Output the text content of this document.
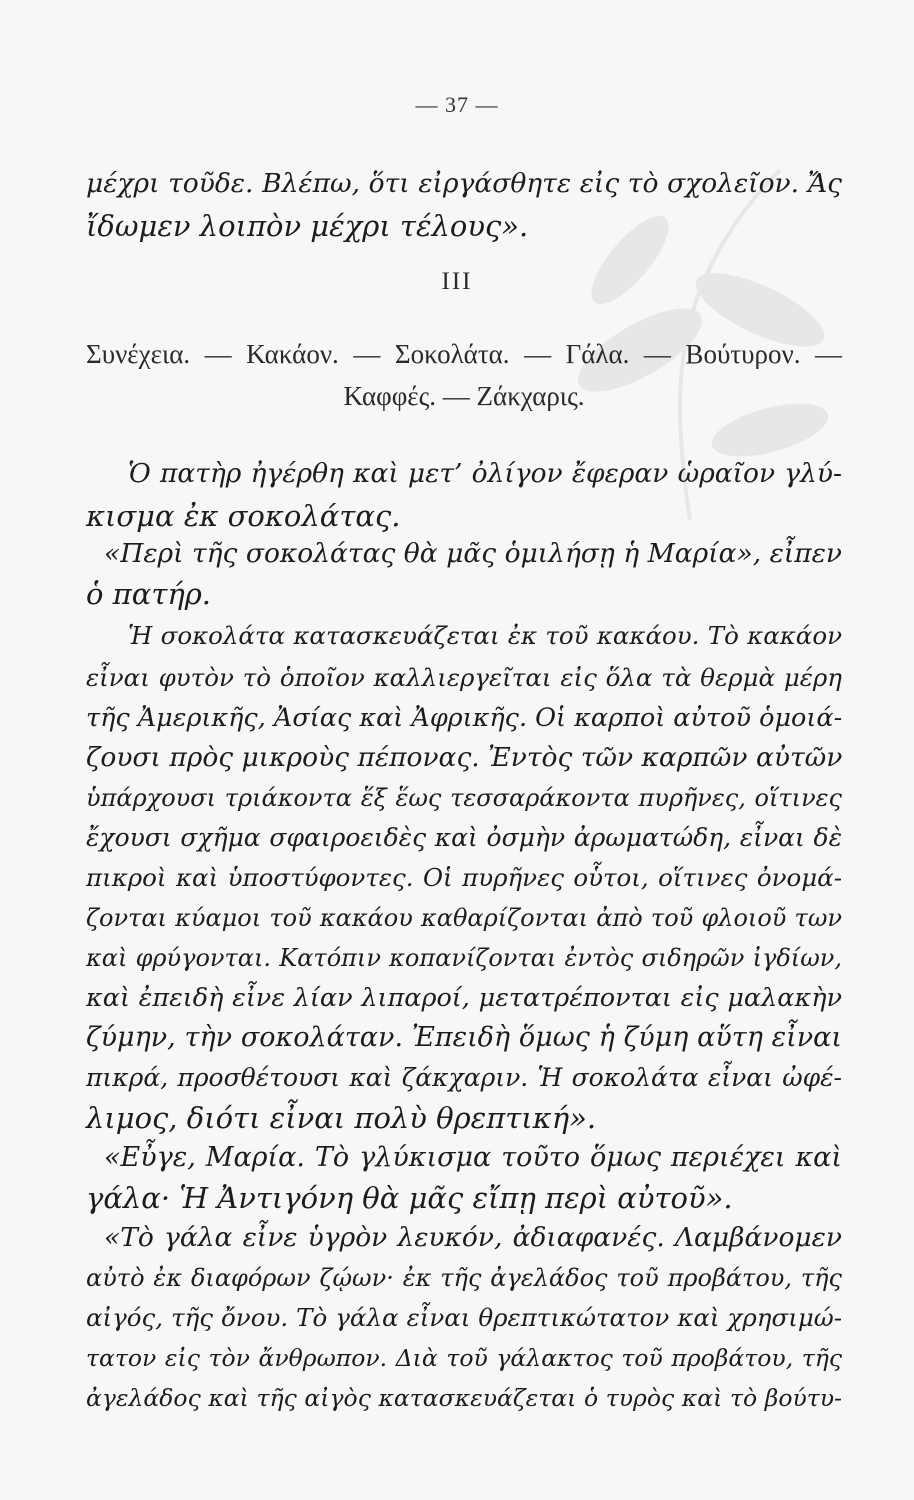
— 37 —
μέχρι τοῦδε. Βλέπω, ὅτι εἰργάσθητε εἰς τὸ σχολεῖον. Ἄς
ἴδωμεν λοιπὸν μέχρι τέλους».
III
Συνέχεια. — Κακάον. — Σοκολάτα. — Γάλα. — Βούτυρον. —
Καφφές. — Ζάκχαρις.
Ὁ πατὴρ ἠγέρθη καὶ μετ’ ὀλίγον ἔφεραν ὡραῖον γλύ-
κισμα ἐκ σοκολάτας.
«Περὶ τῆς σοκολάτας θὰ μᾶς ὁμιλήσῃ ἡ Μαρία», εἶπεν
ὁ πατήρ.
Ἡ σοκολάτα κατασκευάζεται ἐκ τοῦ κακάου. Τὸ κακάον
εἶναι φυτὸν τὸ ὁποῖον καλλιεργεῖται εἰς ὅλα τὰ θερμὰ μέρη
τῆς Ἀμερικῆς, Ἀσίας καὶ Ἀφρικῆς. Οἱ καρποὶ αὐτοῦ ὁμοιά-
ζουσι πρὸς μικροὺς πέπονας. Ἐντὸς τῶν καρπῶν αὐτῶν
ὑπάρχουσι τριάκοντα ἕξ ἕως τεσσαράκοντα πυρῆνες, οἵτινες
ἔχουσι σχῆμα σφαιροειδὲς καὶ ὀσμὴν ἀρωματώδη, εἶναι δὲ
πικροὶ καὶ ὑποστύφοντες. Οἱ πυρῆνες οὗτοι, οἵτινες ὀνομά-
ζονται κύαμοι τοῦ κακάου καθαρίζονται ἀπὸ τοῦ φλοιοῦ των
καὶ φρύγονται. Κατόπιν κοπανίζονται ἐντὸς σιδηρῶν ἰγδίων,
καὶ ἐπειδὴ εἶνε λίαν λιπαροί, μετατρέπονται εἰς μαλακὴν
ζύμην, τὴν σοκολάταν. Ἐπειδὴ ὅμως ἡ ζύμη αὕτη εἶναι
πικρά, προσθέτουσι καὶ ζάκχαριν. Ἡ σοκολάτα εἶναι ὠφέ-
λιμος, διότι εἶναι πολὺ θρεπτική».
«Εὖγε, Μαρία. Τὸ γλύκισμα τοῦτο ὅμως περιέχει καὶ
γάλα· Ἡ Ἀντιγόνη θὰ μᾶς εἴπῃ περὶ αὐτοῦ».
«Τὸ γάλα εἶνε ὑγρὸν λευκόν, ἀδιαφανές. Λαμβάνομεν
αὐτὸ ἐκ διαφόρων ζῴων· ἐκ τῆς ἀγελάδος τοῦ προβάτου, τῆς
αἰγός, τῆς ὄνου. Τὸ γάλα εἶναι θρεπτικώτατον καὶ χρησιμώ-
τατον εἰς τὸν ἄνθρωπον. Διὰ τοῦ γάλακτος τοῦ προβάτου, τῆς
ἀγελάδος καὶ τῆς αἰγὸς κατασκευάζεται ὁ τυρὸς καὶ τὸ βούτυ-
